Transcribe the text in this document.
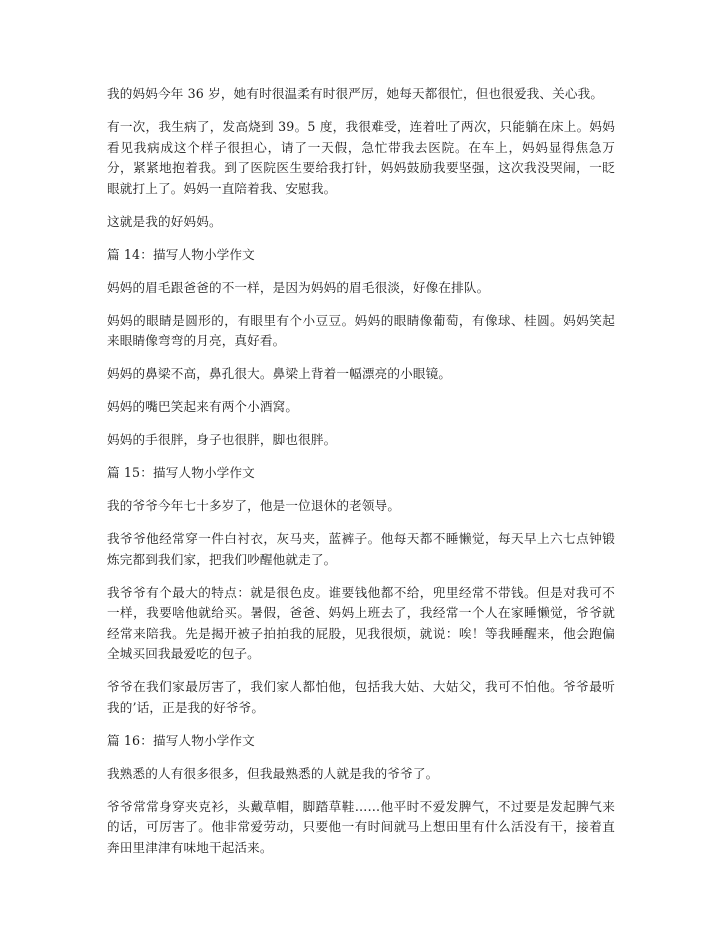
我的妈妈今年 36 岁，她有时很温柔有时很严厉，她每天都很忙，但也很爱我、关心我。

有一次，我生病了，发高烧到 39。5 度，我很难受，连着吐了两次，只能躺在床上。妈妈看见我病成这个样子很担心，请了一天假，急忙带我去医院。在车上，妈妈显得焦急万分，紧紧地抱着我。到了医院医生要给我打针，妈妈鼓励我要坚强，这次我没哭闹，一眨眼就打上了。妈妈一直陪着我、安慰我。

这就是我的好妈妈。

篇 14：描写人物小学作文

妈妈的眉毛跟爸爸的不一样，是因为妈妈的眉毛很淡，好像在排队。

妈妈的眼睛是圆形的，有眼里有个小豆豆。妈妈的眼睛像葡萄，有像球、桂圆。妈妈笑起来眼睛像弯弯的月亮，真好看。

妈妈的鼻梁不高，鼻孔很大。鼻梁上背着一幅漂亮的小眼镜。

妈妈的嘴巴笑起来有两个小酒窝。

妈妈的手很胖，身子也很胖，脚也很胖。

篇 15：描写人物小学作文

我的爷爷今年七十多岁了，他是一位退休的老领导。

我爷爷他经常穿一件白衬衣，灰马夹，蓝裤子。他每天都不睡懒觉，每天早上六七点钟锻炼完都到我们家，把我们吵醒他就走了。

我爷爷有个最大的特点：就是很色皮。谁要钱他都不给，兜里经常不带钱。但是对我可不一样，我要啥他就给买。暑假，爸爸、妈妈上班去了，我经常一个人在家睡懒觉，爷爷就经常来陪我。先是揭开被子拍拍我的屁股，见我很烦，就说：唉！等我睡醒来，他会跑偏全城买回我最爱吃的包子。

爷爷在我们家最厉害了，我们家人都怕他，包括我大姑、大姑父，我可不怕他。爷爷最听我的’话，正是我的好爷爷。

篇 16：描写人物小学作文

我熟悉的人有很多很多，但我最熟悉的人就是我的爷爷了。

爷爷常常身穿夹克衫，头戴草帽，脚踏草鞋……他平时不爱发脾气，不过要是发起脾气来的话，可厉害了。他非常爱劳动，只要他一有时间就马上想田里有什么活没有干，接着直奔田里津津有味地干起活来。
